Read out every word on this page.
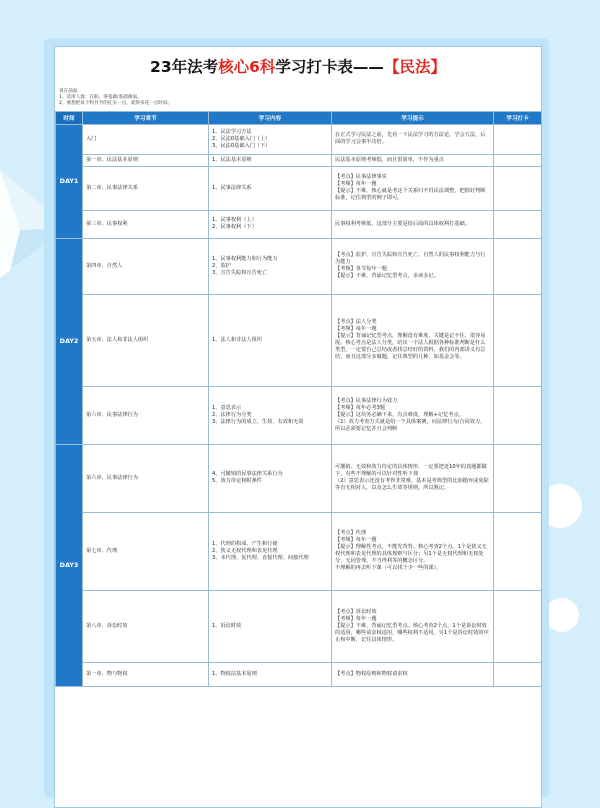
23年法考核心6科学习打卡表——【民法】
说在前面:
1、适用人群：在职、零基础/基础薄弱。
2、要想把每个科目学的扎实一点，就得多花一点时间。
时间	学习章节	学习内容	学习提示	学习打卡
DAY1	入门	1、民法学习方法
2、民法0基础入门（上）
3、民法0基础入门（下）	在正式学习民法之前，先看一下民法学习的方法论，学会方法，后面的学习会事半功倍。	

	第一章、民法基本原则	1、民法基本原则	民法基本原则考频低，而且很简单，不作为重点	

	第二章、民事法律关系	1、民事法律关系	【考点】民事法律事实
【考频】每年一题
【提示】不难，核心就是考这个关系归不归民法调整，把握好判断标准，记住典型的例子即可。	

	第三章、民事权利	1、民事权利（上）
2、民事权利（下）	民事权利考频低，这部分主要是给后面的具体权利打基础。	

DAY2	第四章、自然人	1、民事权利能力和行为能力
2、监护
3、宣告失踪和宣告死亡	【考点】监护、宣告失踪和宣告死亡、自然人的民事权利能力与行为能力
【考频】各节每年一题
【提示】不难，背诵记忆型考点，多读多记。	

	第五章、法人和非法人组织	1、法人和非法人组织	【考点】法人分类
【考频】每年一题
【提示】背诵记忆型考点，理解没有难度，关键是记不住，很容易混。核心考点是法人分类，给出一个法人根据各种标准判断是什么类型。一定要自己总结或者找总结好的资料，我们的内部讲义有总结，而且这部分多做题，记住典型的几种，如基金会等。	

	第六章、民事法律行为	1、意思表示
2、法律行为分类
3、法律行为的成立、生效、有效和无效	【考点】民事法律行为效力
【考频】每年必考3题
【提示】这块务必确下来，有点难度，理解+记忆考点。
（1）效力考查方式就是给一个具体案例，问法律行为/合同效力，所以必须要记忆并且会判断	

DAY3	第六章、民事法律行为	4、可撤销的民事法律关系行为
5、效力待定和附条件	可撤销、无效和效力待定的具体情形，一定要把近10年的真题都做下，有些不理解的可以针对性听下课
（2）意思表示还没有考得非常难，基本是考典型的比如抛弃或免除等有无相对人，以及怎么生效等规则，所以熟记。	

	第七章、代理	1、代理的构成、产生和行使
2、狭义无权代理和表见代理
3、本代理、复代理、直接代理、间接代理	【考点】代理
【考频】每年一题
【提示】理解性考点，不能光背背。核心考查2个点，1个是狭义无权代理和表见代理的具体规则与区分；另1个是无权代理和无权处分、无因管理、不当得利等的概念区分。
不理解的再去听下课（可以找个少一些的课），	

	第八章、诉讼时效	1、诉讼时效	【考点】诉讼时效
【考频】每年一题
【提示】不难，背诵记忆型考点。核心考查2个点，1个是诉讼时效的适用，哪些请求权适用，哪些权利不适用。另1个是诉讼时效的中止和中断，记住具体情形。	

	第一章、物与物权	1、物权法基本原则	【考点】物权原则和物权请求权	
